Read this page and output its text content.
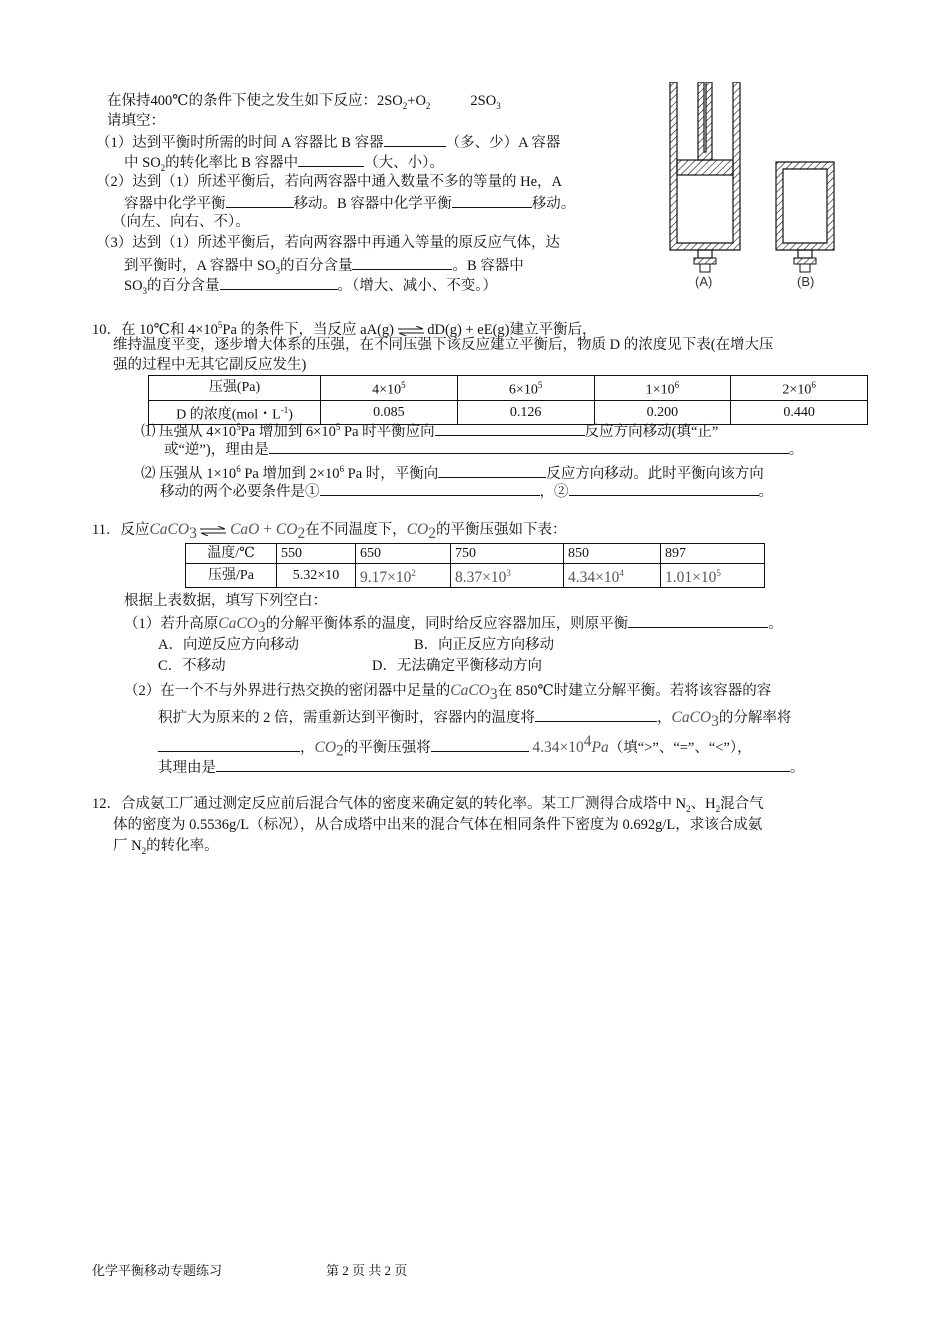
在保持400℃的条件下使之发生如下反应：$2SO_2+O_2$	$2SO_3$
请填空：
（1）达到平衡时所需的时间 A 容器比 B 容器	（多、少）A 容器
中 $SO_2$的转化率比 B 容器中	（大、小）。
（2）达到（1）所述平衡后，若向两容器中通入数量不多的等量的 He，A
容器中化学平衡	移动。B 容器中化学平衡	移动。
（向左、向右、不）。
（3）达到（1）所述平衡后，若向两容器中再通入等量的原反应气体，达
到平衡时，A 容器中 $SO_3$的百分含量	。B 容器中
$SO_3$的百分含量	。（增大、减小、不变。）	(A)	(B)
10．在 10℃和 $4\times 10^5Pa$ 的条件下，当反应 aA(g) ⇌ dD(g) + eE(g)建立平衡后，
维持温度平变，逐步增大体系的压强，在不同压强下该反应建立平衡后，物质 D 的浓度见下表(在增大压
强的过程中无其它副反应发生)
压强(Pa)	$4\times 10^5$	$6\times 10^5$	$1\times 10^6$	$2\times 10^6$
D 的浓度(mol・$L^{-1}$)	0.085	0.126	0.200	0.440
⑴ 压强从 $4\times 10^5Pa$ 增加到 $6\times 10^5$ Pa 时平衡应向	反应方向移动(填“正”
或“逆”)，理由是	。
⑵ 压强从 $1\times 10^6$ Pa 增加到 $2\times 10^6$ Pa 时，平衡向	反应方向移动。此时平衡向该方向
移动的两个必要条件是①	，②	。
11．反应CaCO$_3$ ⇌ CaO + $CO_2$在不同温度下，$CO_2$的平衡压强如下表：
温度/℃	550	650	750	850	897
压强/Pa	5.32×10	$9.17\times 10^2$	$8.37\times 10^3$	$4.34\times 10^4$	$1.01\times 10^5$
根据上表数据，填写下列空白：
（1）若升高原CaCO$_3$的分解平衡体系的温度，同时给反应容器加压，则原平衡	。
A．向逆反应方向移动	B．向正反应方向移动
C．不移动	D．无法确定平衡移动方向
（2）在一个不与外界进行热交换的密闭器中足量的CaCO$_3$在 850℃时建立分解平衡。若将该容器的容
积扩大为原来的 2 倍，需重新达到平衡时，容器内的温度将	，CaCO$_3$的分解率将
，$CO_2$的平衡压强将	$4.34\times 10^4Pa$（填“>”、“=”、“<”），
其理由是	。
12．合成氨工厂通过测定反应前后混合气体的密度来确定氨的转化率。某工厂测得合成塔中 $N_2$、$H_2$混合气
体的密度为 0.5536g/L（标况），从合成塔中出来的混合气体在相同条件下密度为 0.692g/L，求该合成氨
厂 $N_2$的转化率。
化学平衡移动专题练习	第 2 页 共 2 页
